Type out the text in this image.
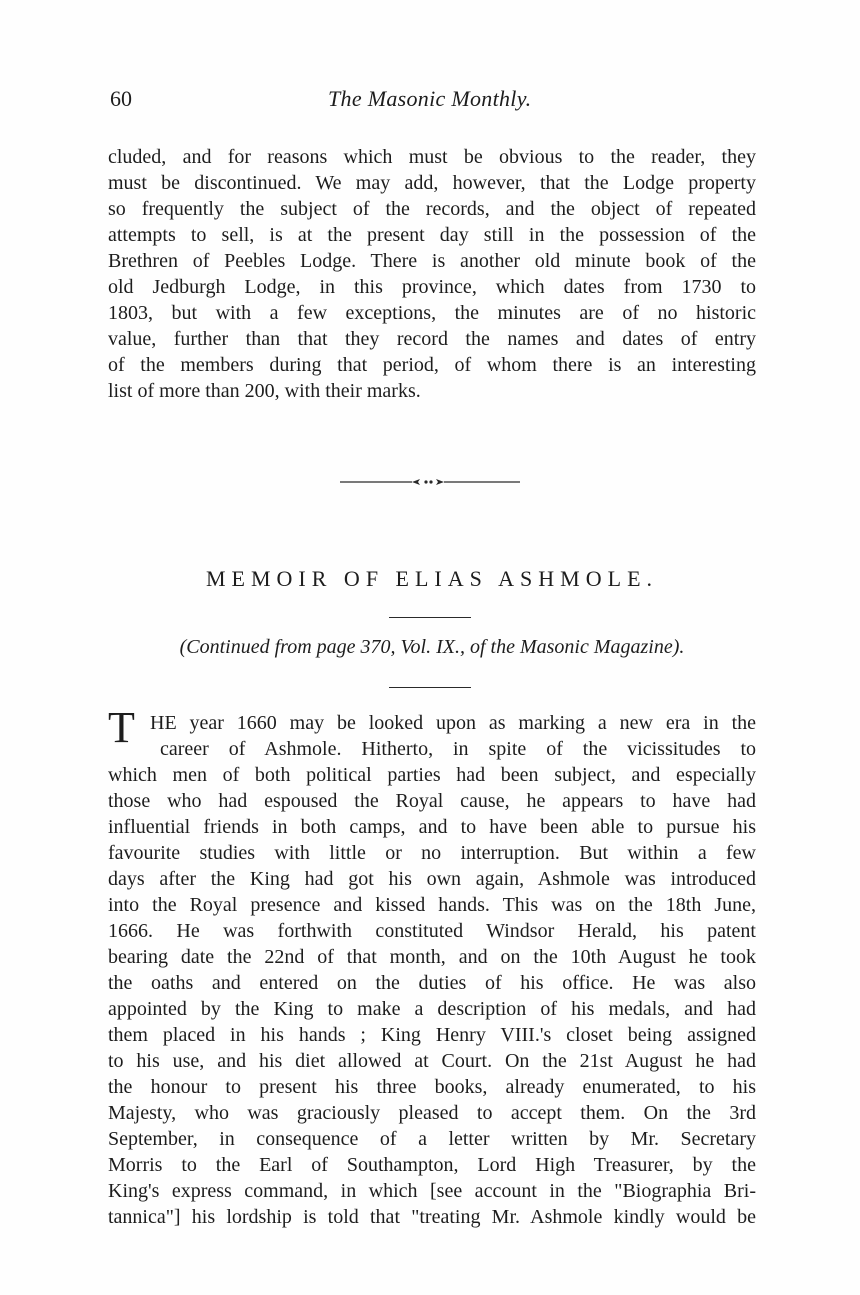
60	The Masonic Monthly.
cluded, and for reasons which must be obvious to the reader, they
must be discontinued. We may add, however, that the Lodge property
so frequently the subject of the records, and the object of repeated
attempts to sell, is at the present day still in the possession of the
Brethren of Peebles Lodge. There is another old minute book of the
old Jedburgh Lodge, in this province, which dates from 1730 to
1803, but with a few exceptions, the minutes are of no historic
value, further than that they record the names and dates of entry
of the members during that period, of whom there is an interesting
list of more than 200, with their marks.
MEMOIR OF ELIAS ASHMOLE.
(Continued from page 370, Vol. IX., of the Masonic Magazine).
T HE year 1660 may be looked upon as marking a new era in the
career of Ashmole. Hitherto, in spite of the vicissitudes to
which men of both political parties had been subject, and especially
those who had espoused the Royal cause, he appears to have had
influential friends in both camps, and to have been able to pursue his
favourite studies with little or no interruption. But within a few
days after the King had got his own again, Ashmole was introduced
into the Royal presence and kissed hands. This was on the 18th June,
1666. He was forthwith constituted Windsor Herald, his patent
bearing date the 22nd of that month, and on the 10th August he took
the oaths and entered on the duties of his office. He was also
appointed by the King to make a description of his medals, and had
them placed in his hands ; King Henry VIII.'s closet being assigned
to his use, and his diet allowed at Court. On the 21st August he had
the honour to present his three books, already enumerated, to his
Majesty, who was graciously pleased to accept them. On the 3rd
September, in consequence of a letter written by Mr. Secretary
Morris to the Earl of Southampton, Lord High Treasurer, by the
King's express command, in which [see account in the "Biographia Bri-
tannica"] his lordship is told that "treating Mr. Ashmole kindly would be
